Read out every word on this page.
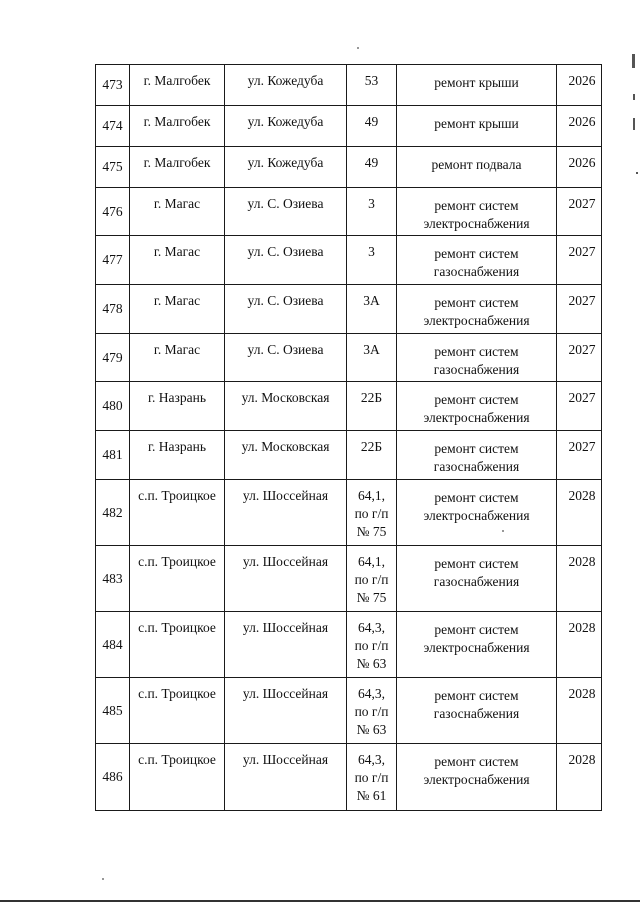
473	г. Малгобек	ул. Кожедуба	53	ремонт крыши	2026

474	г. Малгобек	ул. Кожедуба	49	ремонт крыши	2026

475	г. Малгобек	ул. Кожедуба	49	ремонт подвала	2026

476	г. Магас	ул. С. Озиева	3	ремонт систем электроснабжения	2027

477	г. Магас	ул. С. Озиева	3	ремонт систем газоснабжения	2027

478	г. Магас	ул. С. Озиева	3А	ремонт систем электроснабжения	2027

479	г. Магас	ул. С. Озиева	3А	ремонт систем газоснабжения	2027

480	г. Назрань	ул. Московская	22Б	ремонт систем электроснабжения	2027

481	г. Назрань	ул. Московская	22Б	ремонт систем газоснабжения	2027

482	с.п. Троицкое	ул. Шоссейная	64,1,
по г/п
№ 75	ремонт систем электроснабжения	2028

483	с.п. Троицкое	ул. Шоссейная	64,1,
по г/п
№ 75	ремонт систем газоснабжения	2028

484	с.п. Троицкое	ул. Шоссейная	64,3,
по г/п
№ 63	ремонт систем электроснабжения	2028

485	с.п. Троицкое	ул. Шоссейная	64,3,
по г/п
№ 63	ремонт систем газоснабжения	2028

486	с.п. Троицкое	ул. Шоссейная	64,3,
по г/п
№ 61	ремонт систем электроснабжения	2028
